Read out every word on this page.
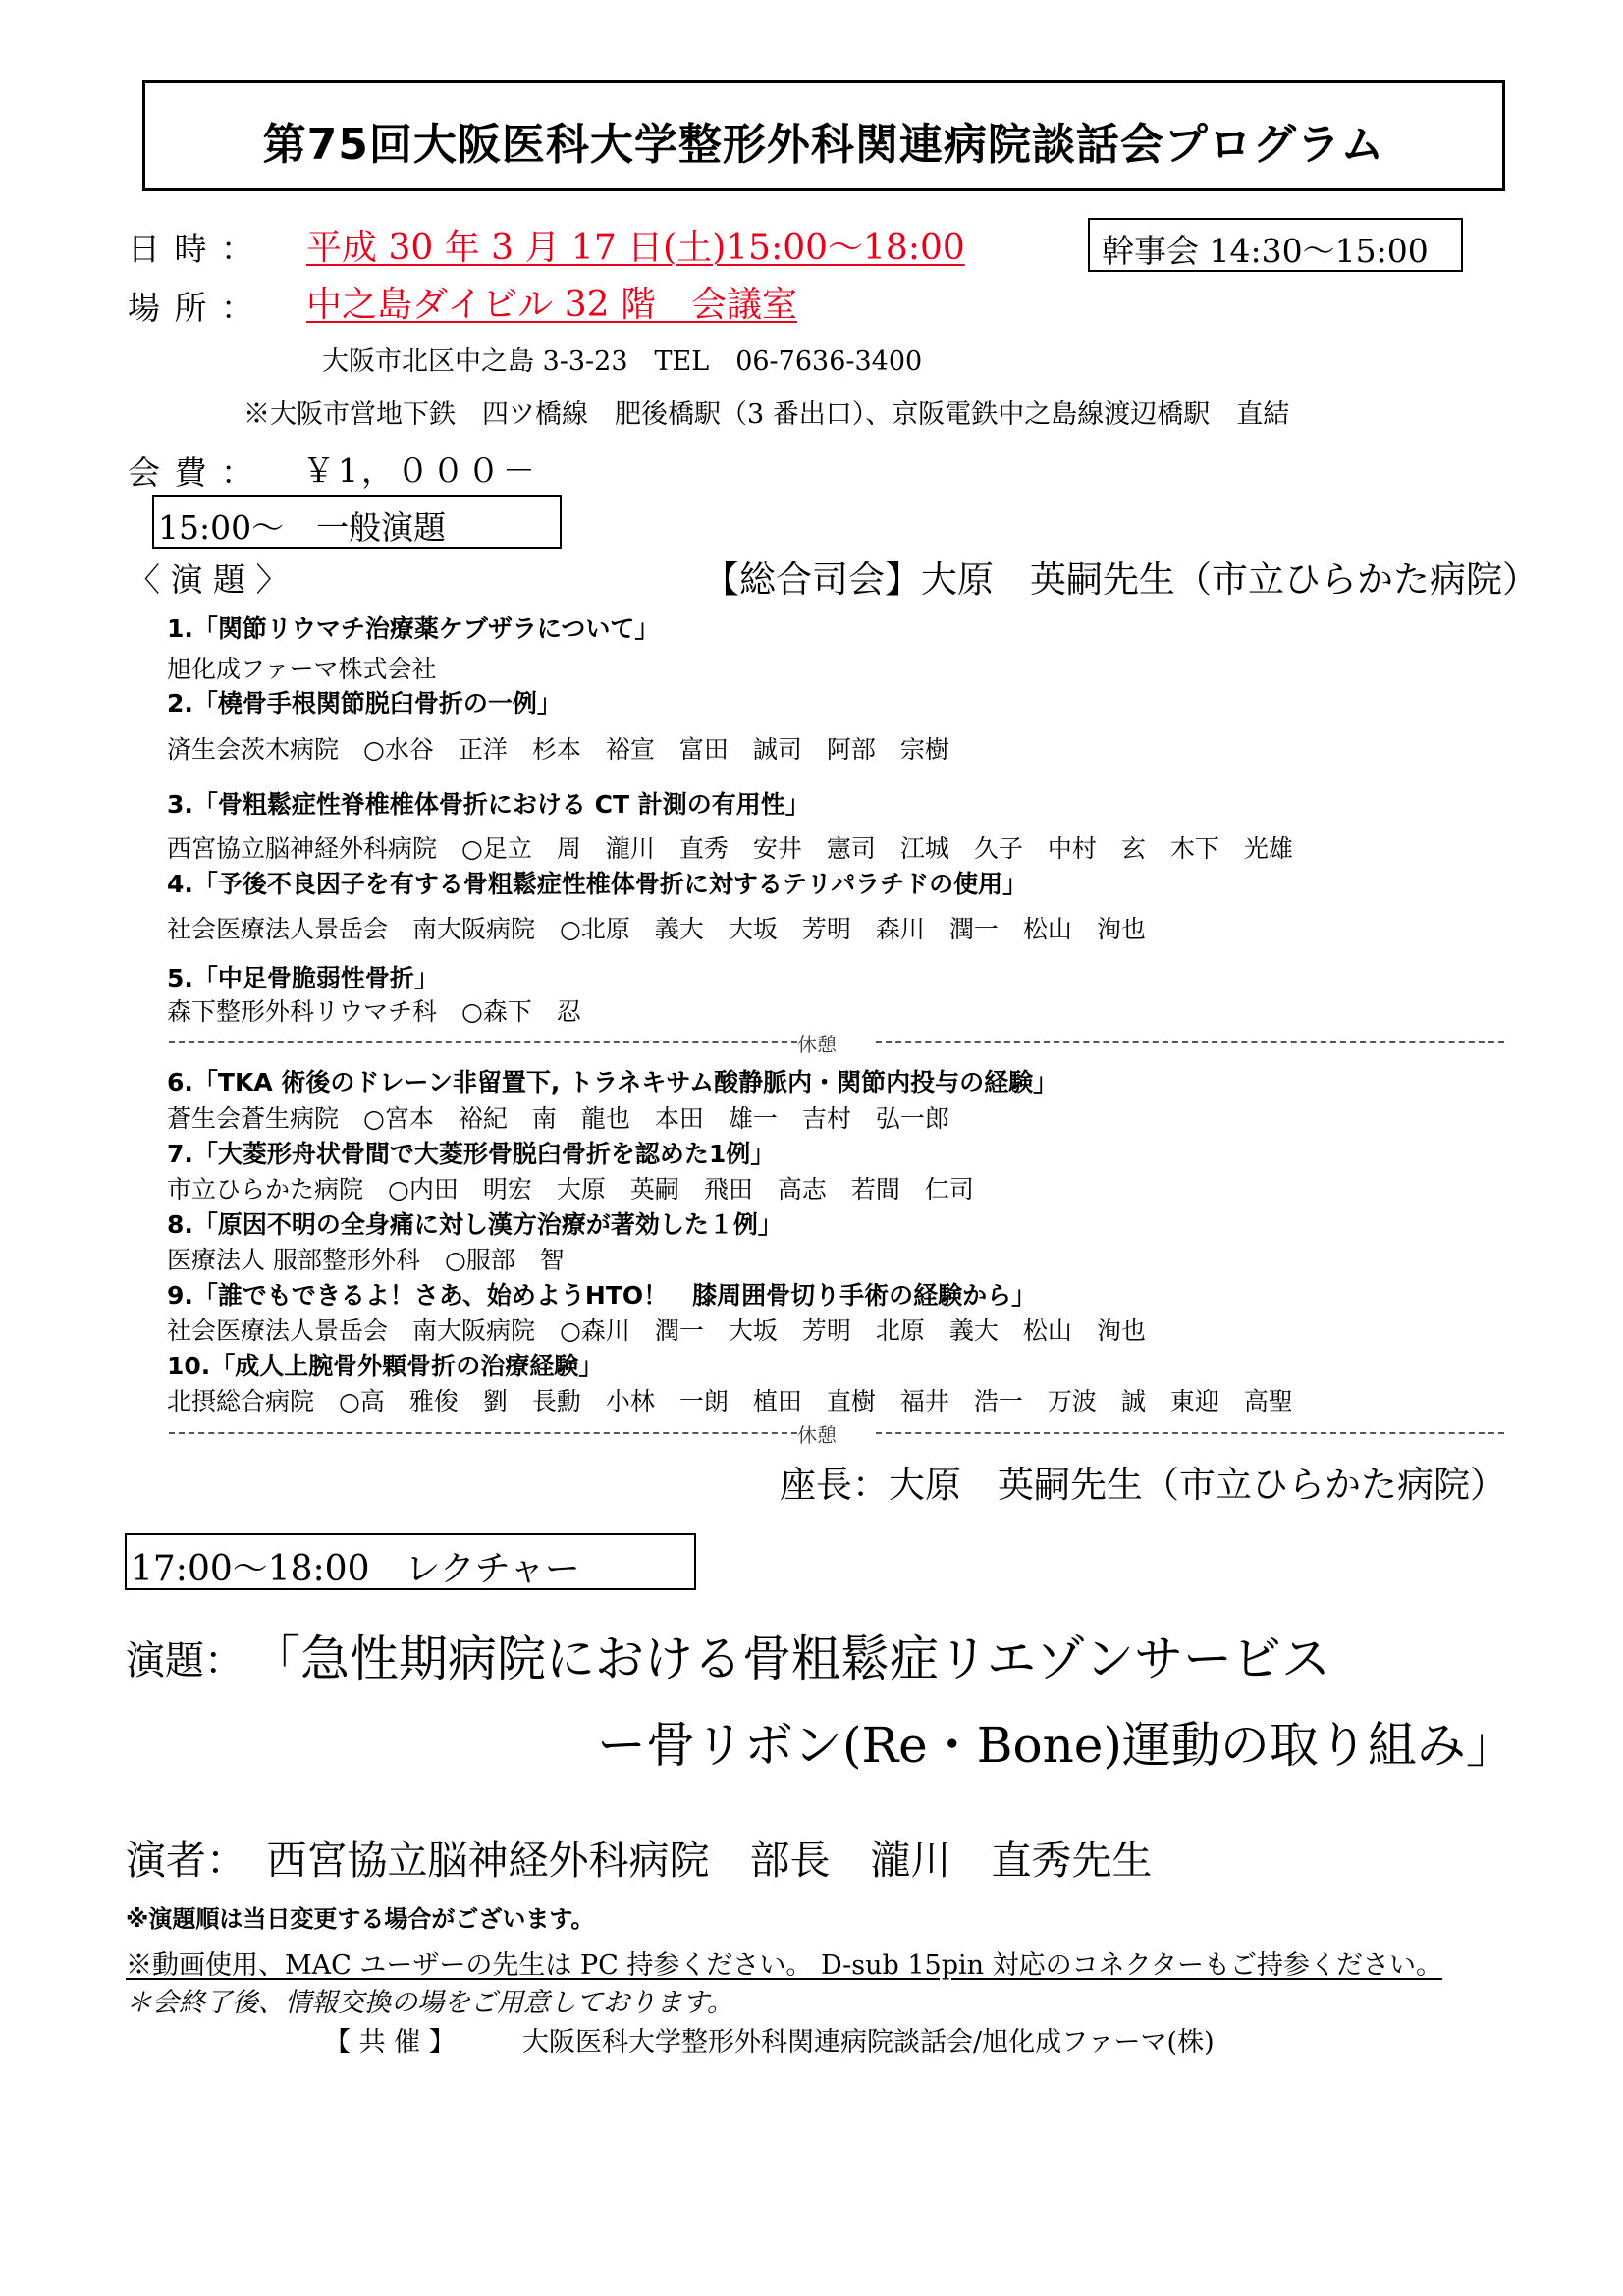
第75回大阪医科大学整形外科関連病院談話会プログラム
日 時 ： 平成 30 年 3 月 17 日(土)15:00〜18:00	幹事会 14:30〜15:00
場 所 ： 中之島ダイビル 32 階　会議室
大阪市北区中之島 3-3-23　TEL　06-7636-3400
※大阪市営地下鉄　四ツ橋線　肥後橋駅（3 番出口）、京阪電鉄中之島線渡辺橋駅　直結
会 費 ： ￥1，０００－
15:00〜　一般演題
〈 演 題 〉	【総合司会】大原　英嗣先生（市立ひらかた病院）
1.「関節リウマチ治療薬ケブザラについて」
旭化成ファーマ株式会社
2.「橈骨手根関節脱臼骨折の一例」
済生会茨木病院　○水谷　正洋　杉本　裕宣　富田　誠司　阿部　宗樹
3.「骨粗鬆症性脊椎椎体骨折における CT 計測の有用性」
西宮協立脳神経外科病院　○足立　周　瀧川　直秀　安井　憲司　江城　久子　中村　玄　木下　光雄
4.「予後不良因子を有する骨粗鬆症性椎体骨折に対するテリパラチドの使用」
社会医療法人景岳会　南大阪病院　○北原　義大　大坂　芳明　森川　潤一　松山　洵也
5.「中足骨脆弱性骨折」
森下整形外科リウマチ科　○森下　忍
休憩
6.「TKA 術後のドレーン非留置下, トラネキサム酸静脈内・関節内投与の経験」
蒼生会蒼生病院　○宮本　裕紀　南　龍也　本田　雄一　吉村　弘一郎
7.「大菱形舟状骨間で大菱形骨脱臼骨折を認めた1例」
市立ひらかた病院　○内田　明宏　大原　英嗣　飛田　高志　若間　仁司
8.「原因不明の全身痛に対し漢方治療が著効した１例」
医療法人 服部整形外科　○服部　智
9.「誰でもできるよ！さあ、始めようHTO！　膝周囲骨切り手術の経験から」
社会医療法人景岳会　南大阪病院　○森川　潤一　大坂　芳明　北原　義大　松山　洵也
10.「成人上腕骨外顆骨折の治療経験」
北摂総合病院　○高　雅俊　劉　長勳　小林　一朗　植田　直樹　福井　浩一　万波　誠　東迎　高聖
休憩
座長：大原　英嗣先生（市立ひらかた病院）
17:00〜18:00　レクチャー
演題： 「急性期病院における骨粗鬆症リエゾンサービス
ー骨リボン(Re・Bone)運動の取り組み」
演者：　西宮協立脳神経外科病院　部長　瀧川　直秀先生
※演題順は当日変更する場合がございます。
※動画使用、MAC ユーザーの先生は PC 持参ください。 D-sub 15pin 対応のコネクターもご持参ください。
＊会終了後、情報交換の場をご用意しております。
【 共 催 】	大阪医科大学整形外科関連病院談話会/旭化成ファーマ(株)
